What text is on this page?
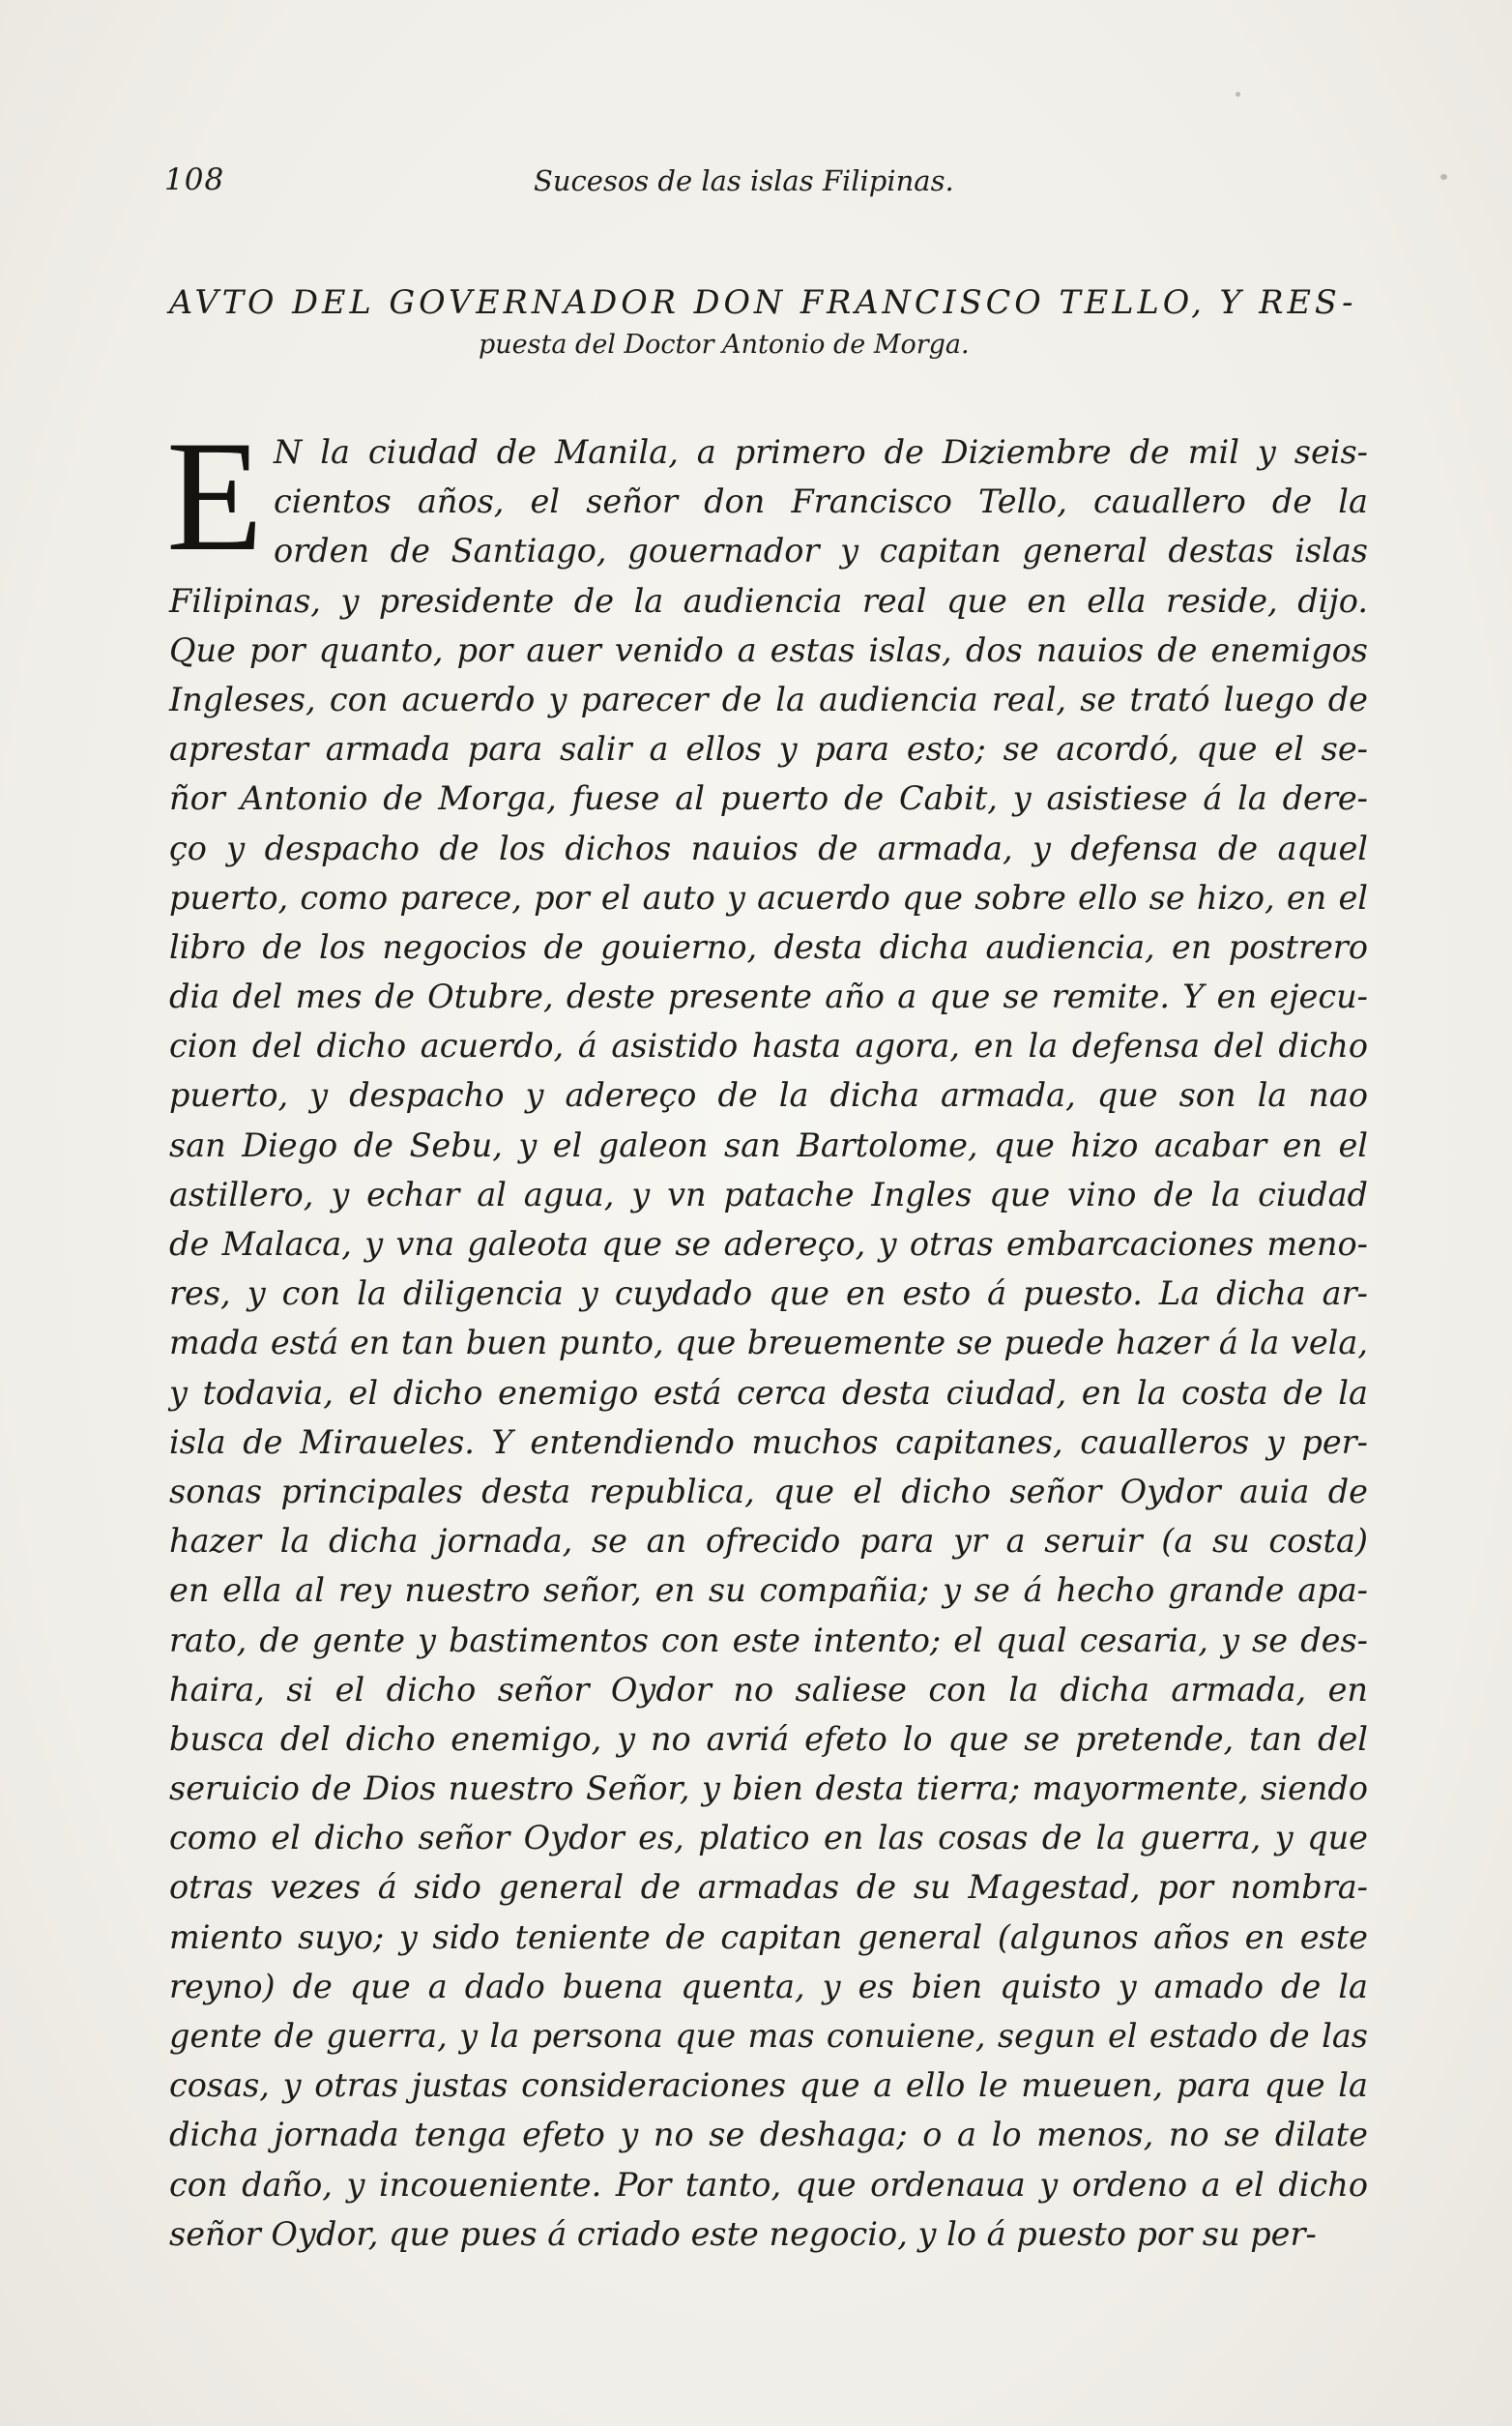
108	Sucesos de las islas Filipinas.
AVTO DEL GOVERNADOR DON FRANCISCO TELLO, Y RES-
puesta del Doctor Antonio de Morga.
E N la ciudad de Manila, a primero de Diziembre de mil y seis-
cientos años, el señor don Francisco Tello, cauallero de la
orden de Santiago, gouernador y capitan general destas islas
Filipinas, y presidente de la audiencia real que en ella reside, dijo.
Que por quanto, por auer venido a estas islas, dos nauios de enemigos
Ingleses, con acuerdo y parecer de la audiencia real, se trató luego de
aprestar armada para salir a ellos y para esto; se acordó, que el se-
ñor Antonio de Morga, fuese al puerto de Cabit, y asistiese á la dere-
ço y despacho de los dichos nauios de armada, y defensa de aquel
puerto, como parece, por el auto y acuerdo que sobre ello se hizo, en el
libro de los negocios de gouierno, desta dicha audiencia, en postrero
dia del mes de Otubre, deste presente año a que se remite. Y en ejecu-
cion del dicho acuerdo, á asistido hasta agora, en la defensa del dicho
puerto, y despacho y adereço de la dicha armada, que son la nao
san Diego de Sebu, y el galeon san Bartolome, que hizo acabar en el
astillero, y echar al agua, y vn patache Ingles que vino de la ciudad
de Malaca, y vna galeota que se adereço, y otras embarcaciones meno-
res, y con la diligencia y cuydado que en esto á puesto. La dicha ar-
mada está en tan buen punto, que breuemente se puede hazer á la vela,
y todavia, el dicho enemigo está cerca desta ciudad, en la costa de la
isla de Miraueles. Y entendiendo muchos capitanes, caualleros y per-
sonas principales desta republica, que el dicho señor Oydor auia de
hazer la dicha jornada, se an ofrecido para yr a seruir (a su costa)
en ella al rey nuestro señor, en su compañia; y se á hecho grande apa-
rato, de gente y bastimentos con este intento; el qual cesaria, y se des-
haira, si el dicho señor Oydor no saliese con la dicha armada, en
busca del dicho enemigo, y no avriá efeto lo que se pretende, tan del
seruicio de Dios nuestro Señor, y bien desta tierra; mayormente, siendo
como el dicho señor Oydor es, platico en las cosas de la guerra, y que
otras vezes á sido general de armadas de su Magestad, por nombra-
miento suyo; y sido teniente de capitan general (algunos años en este
reyno) de que a dado buena quenta, y es bien quisto y amado de la
gente de guerra, y la persona que mas conuiene, segun el estado de las
cosas, y otras justas consideraciones que a ello le mueuen, para que la
dicha jornada tenga efeto y no se deshaga; o a lo menos, no se dilate
con daño, y incoueniente. Por tanto, que ordenaua y ordeno a el dicho
señor Oydor, que pues á criado este negocio, y lo á puesto por su per-
